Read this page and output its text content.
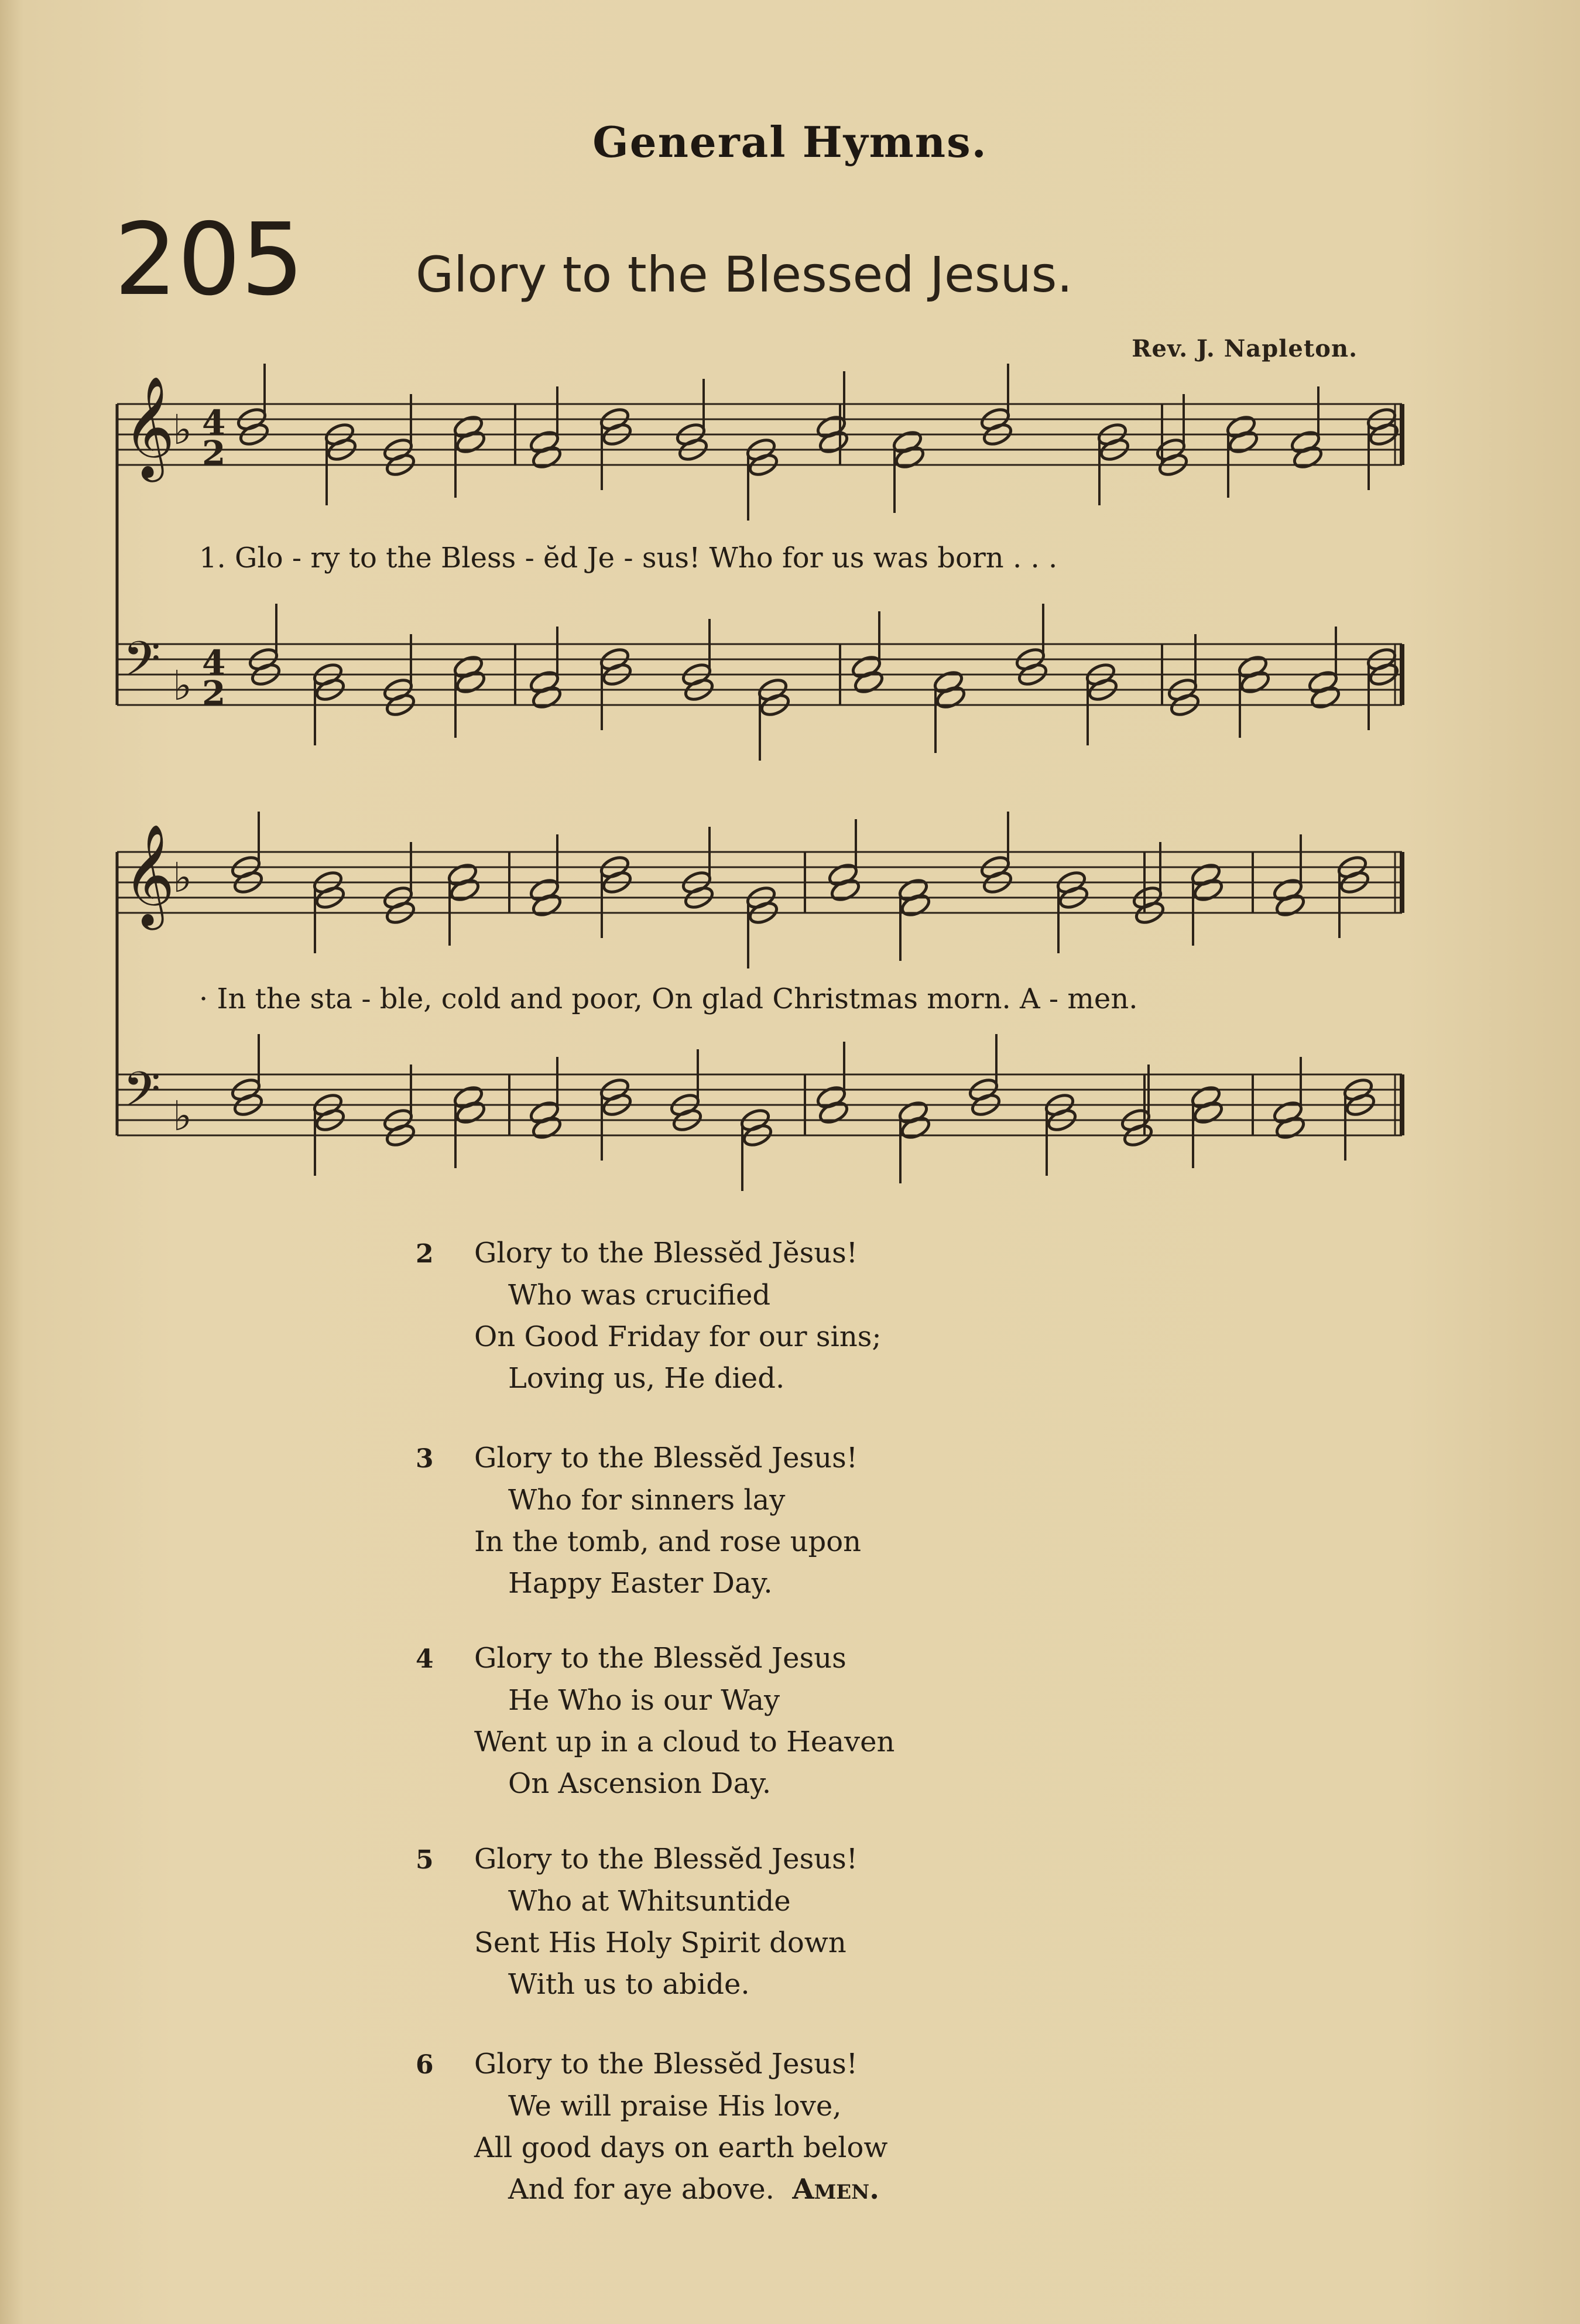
General Hymns.
205 Glory to the Blessed Jesus.
Rev. J. Napleton.
𝄞
♭ 4
2
𝄢 ♭ 4
2
𝄞
♭
𝄢 ♭
1. Glo - ry to the Bless - ĕd Je - sus! Who for us was born . . .
· In the sta - ble, cold and poor, On glad Christmas morn. A - men.
2 Glory to the Blessĕd Jĕsus!
Who was crucified
On Good Friday for our sins;
Loving us, He died.
3 Glory to the Blessĕd Jesus!
Who for sinners lay
In the tomb, and rose upon
Happy Easter Day.
4 Glory to the Blessĕd Jesus
He Who is our Way
Went up in a cloud to Heaven
On Ascension Day.
5 Glory to the Blessĕd Jesus!
Who at Whitsuntide
Sent His Holy Spirit down
With us to abide.
6 Glory to the Blessĕd Jesus!
We will praise His love,
All good days on earth below
And for aye above. Amen.
